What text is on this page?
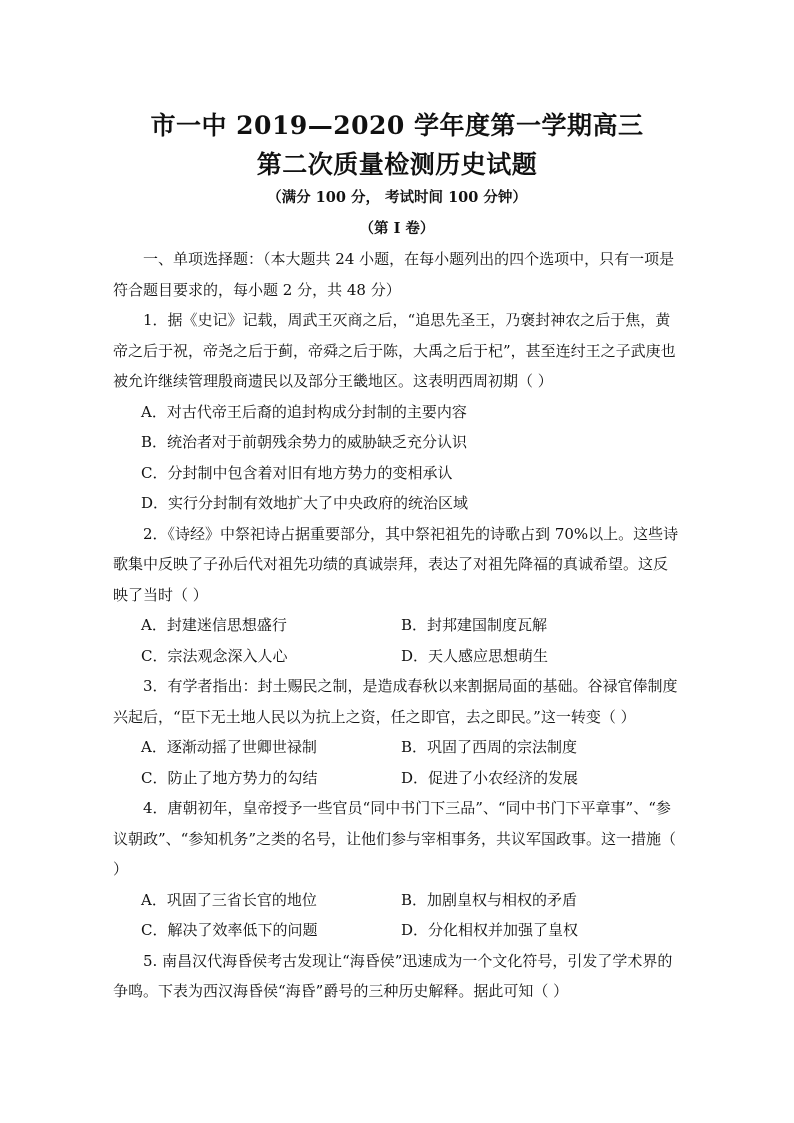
市一中 2019—2020 学年度第一学期高三
第二次质量检测历史试题
（满分 100 分， 考试时间 100 分钟）
（第 I 卷）

一、单项选择题：（本大题共 24 小题，在每小题列出的四个选项中，只有一项是符合题目要求的，每小题 2 分，共 48 分）

1．据《史记》记载，周武王灭商之后，“追思先圣王，乃褒封神农之后于焦，黄帝之后于祝，帝尧之后于蓟，帝舜之后于陈，大禹之后于杞”，甚至连纣王之子武庚也被允许继续管理殷商遗民以及部分王畿地区。这表明西周初期（ ）

A．对古代帝王后裔的追封构成分封制的主要内容

B．统治者对于前朝残余势力的威胁缺乏充分认识

C．分封制中包含着对旧有地方势力的变相承认

D．实行分封制有效地扩大了中央政府的统治区域

2．《诗经》中祭祀诗占据重要部分，其中祭祀祖先的诗歌占到 70%以上。这些诗歌集中反映了子孙后代对祖先功绩的真诚崇拜，表达了对祖先降福的真诚希望。这反映了当时（ ）

A．封建迷信思想盛行	B．封邦建国制度瓦解
C．宗法观念深入人心	D．天人感应思想萌生

3．有学者指出：封土赐民之制，是造成春秋以来割据局面的基础。谷禄官俸制度兴起后，“臣下无土地人民以为抗上之资，任之即官，去之即民。”这一转变（ ）

A．逐渐动摇了世卿世禄制	B．巩固了西周的宗法制度
C．防止了地方势力的勾结	D．促进了小农经济的发展

4．唐朝初年，皇帝授予一些官员“同中书门下三品”、“同中书门下平章事”、“参议朝政”、“参知机务”之类的名号，让他们参与宰相事务，共议军国政事。这一措施（ ）

A．巩固了三省长官的地位	B．加剧皇权与相权的矛盾
C．解决了效率低下的问题	D．分化相权并加强了皇权

5. 南昌汉代海昏侯考古发现让“海昏侯”迅速成为一个文化符号，引发了学术界的争鸣。下表为西汉海昏侯“海昏”爵号的三种历史解释。据此可知（ ）
